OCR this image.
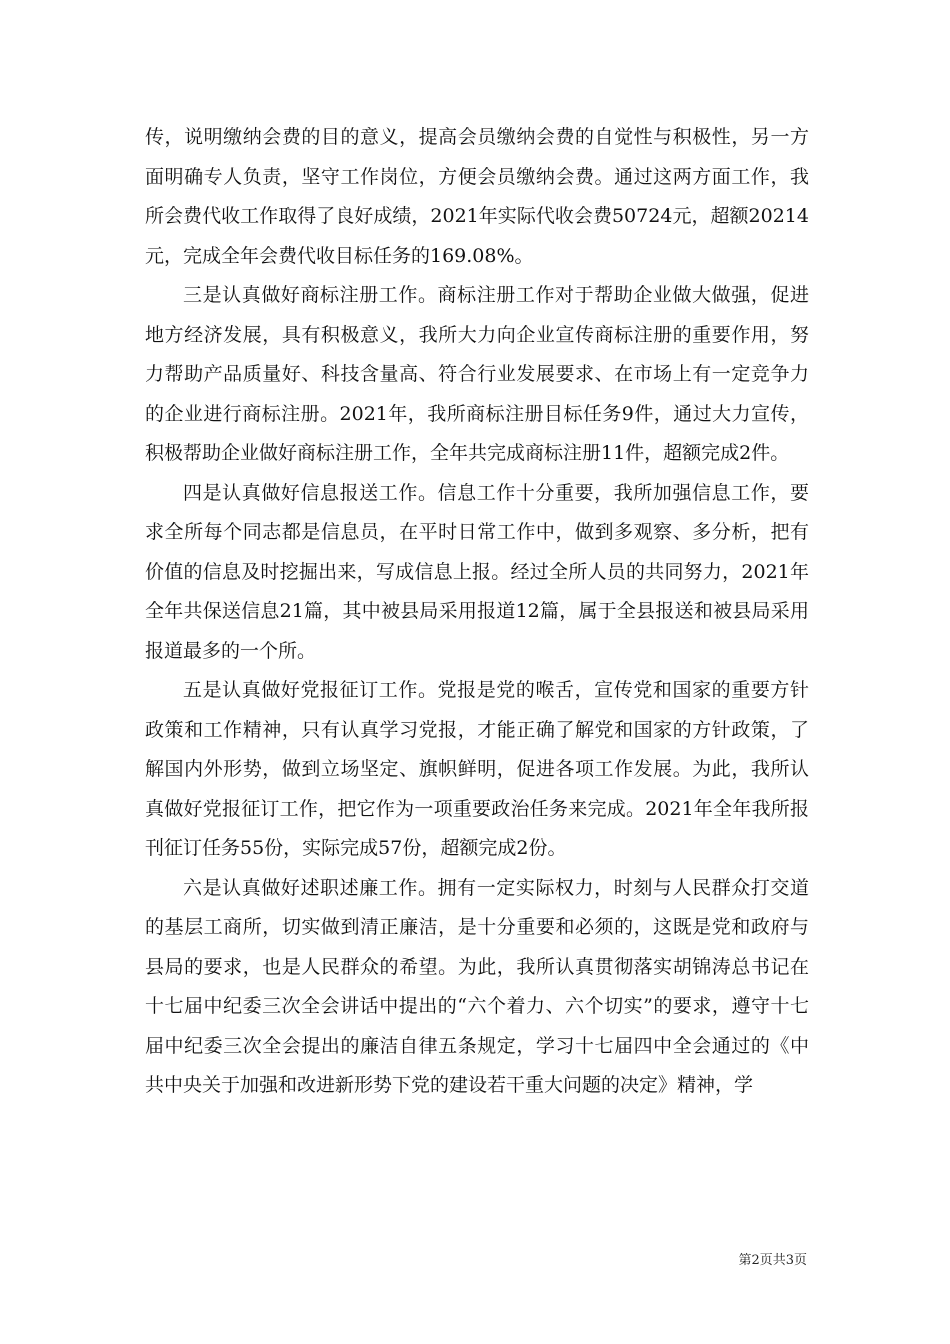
传，说明缴纳会费的目的意义，提高会员缴纳会费的自觉性与积极性，另一方面明确专人负责，坚守工作岗位，方便会员缴纳会费。通过这两方面工作，我所会费代收工作取得了良好成绩，2021年实际代收会费50724元，超额20214元，完成全年会费代收目标任务的169.08%。

三是认真做好商标注册工作。商标注册工作对于帮助企业做大做强，促进地方经济发展，具有积极意义，我所大力向企业宣传商标注册的重要作用，努力帮助产品质量好、科技含量高、符合行业发展要求、在市场上有一定竞争力的企业进行商标注册。2021年，我所商标注册目标任务9件，通过大力宣传，积极帮助企业做好商标注册工作，全年共完成商标注册11件，超额完成2件。

四是认真做好信息报送工作。信息工作十分重要，我所加强信息工作，要求全所每个同志都是信息员，在平时日常工作中，做到多观察、多分析，把有价值的信息及时挖掘出来，写成信息上报。经过全所人员的共同努力，2021年全年共保送信息21篇，其中被县局采用报道12篇，属于全县报送和被县局采用报道最多的一个所。

五是认真做好党报征订工作。党报是党的喉舌，宣传党和国家的重要方针政策和工作精神，只有认真学习党报，才能正确了解党和国家的方针政策，了解国内外形势，做到立场坚定、旗帜鲜明，促进各项工作发展。为此，我所认真做好党报征订工作，把它作为一项重要政治任务来完成。2021年全年我所报刊征订任务55份，实际完成57份，超额完成2份。

六是认真做好述职述廉工作。拥有一定实际权力，时刻与人民群众打交道的基层工商所，切实做到清正廉洁，是十分重要和必须的，这既是党和政府与县局的要求，也是人民群众的希望。为此，我所认真贯彻落实胡锦涛总书记在十七届中纪委三次全会讲话中提出的“六个着力、六个切实”的要求，遵守十七届中纪委三次全会提出的廉洁自律五条规定，学习十七届四中全会通过的《中共中央关于加强和改进新形势下党的建设若干重大问题的决定》精神，学

第2页共3页
